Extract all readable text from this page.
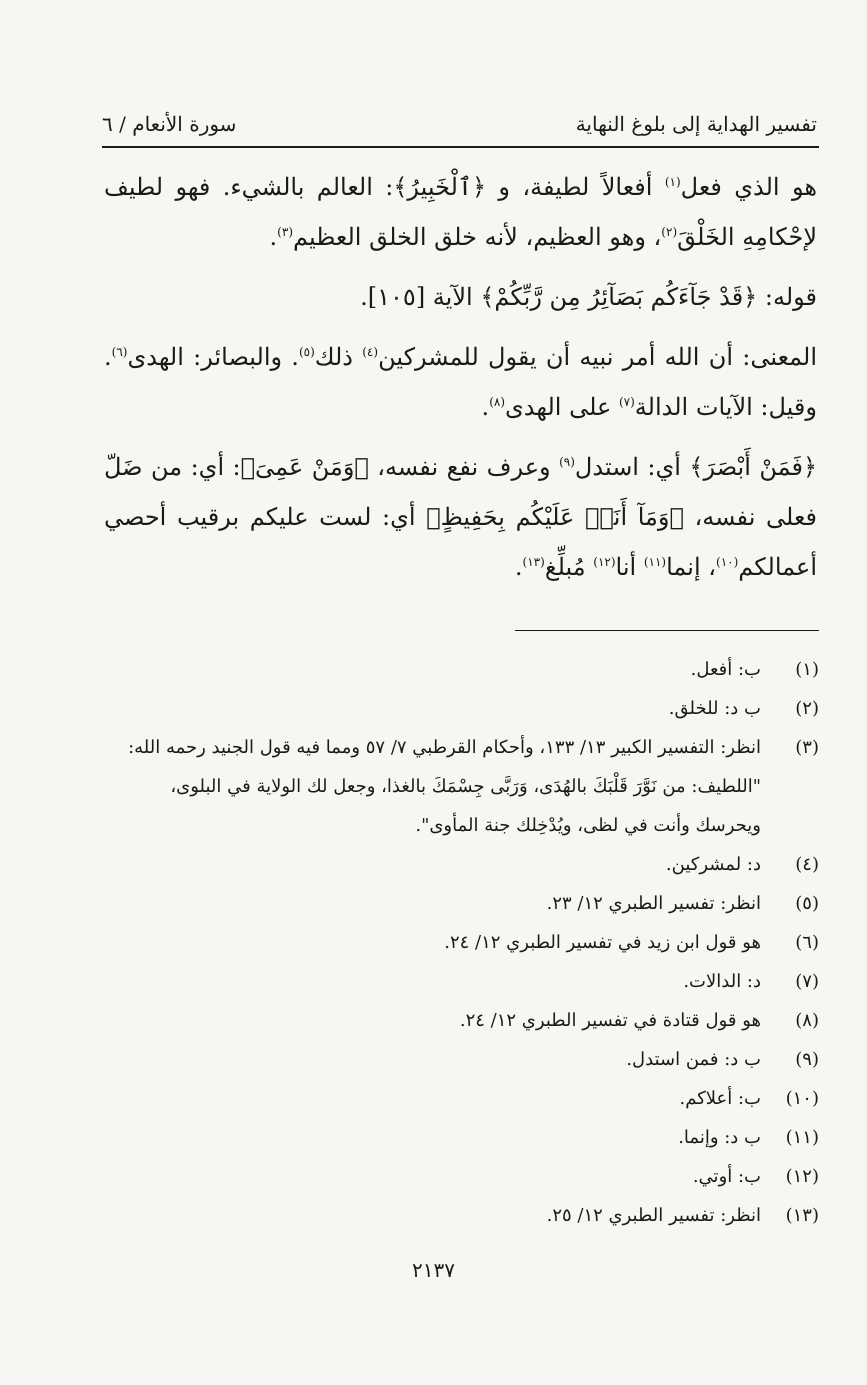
تفسير الهداية إلى بلوغ النهاية
سورة الأنعام / ٦

هو الذي فعل$^{(١)}$ أفعالاً لطيفة، و ﴿ٱلْخَبِيرُ﴾: العالم بالشيء. فهو لطيف لإحْكامِهِ الخَلْقَ$^{(٢)}$، وهو العظيم، لأنه خلق الخلق العظيم$^{(٣)}$.

قوله: ﴿قَدْ جَآءَكُم بَصَآئِرُ مِن رَّبِّكُمْ﴾ الآية [١٠٥].

المعنى: أن الله أمر نبيه أن يقول للمشركين$^{(٤)}$ ذلك$^{(٥)}$. والبصائر: الهدى$^{(٦)}$. وقيل: الآيات الدالة$^{(٧)}$ على الهدى$^{(٨)}$.

﴿فَمَنْ أَبْصَرَ﴾ أي: استدل$^{(٩)}$ وعرف نفع نفسه، ﴿وَمَنْ عَمِىَ﴾: أي: من ضَلّ فعلى نفسه، ﴿وَمَآ أَنَا۠ عَلَيْكُم بِحَفِيظٍ﴾ أي: لست عليكم برقيب أحصي أعمالكم$^{(١٠)}$، إنما$^{(١١)}$ أنا$^{(١٢)}$ مُبلِّغ$^{(١٣)}$.

(١)
ب: أفعل.
(٢)
ب د: للخلق.
(٣)
انظر: التفسير الكبير ١٣/ ١٣٣، وأحكام القرطبي ٧/ ٥٧ ومما فيه قول الجنيد رحمه الله: "اللطيف: من نَوَّرَ قَلْبَكَ بالهُدَى، وَرَبَّى جِسْمَكَ بالغذا، وجعل لك الولاية في البلوى، ويحرسك وأنت في لظى، ويُدْخِلك جنة المأوى".
(٤)
د: لمشركين.
(٥)
انظر: تفسير الطبري ١٢/ ٢٣.
(٦)
هو قول ابن زيد في تفسير الطبري ١٢/ ٢٤.
(٧)
د: الدالات.
(٨)
هو قول قتادة في تفسير الطبري ١٢/ ٢٤.
(٩)
ب د: فمن استدل.
(١٠)
ب: أعلاكم.
(١١)
ب د: وإنما.
(١٢)
ب: أوتي.
(١٣)
انظر: تفسير الطبري ١٢/ ٢٥.
٢١٣٧
